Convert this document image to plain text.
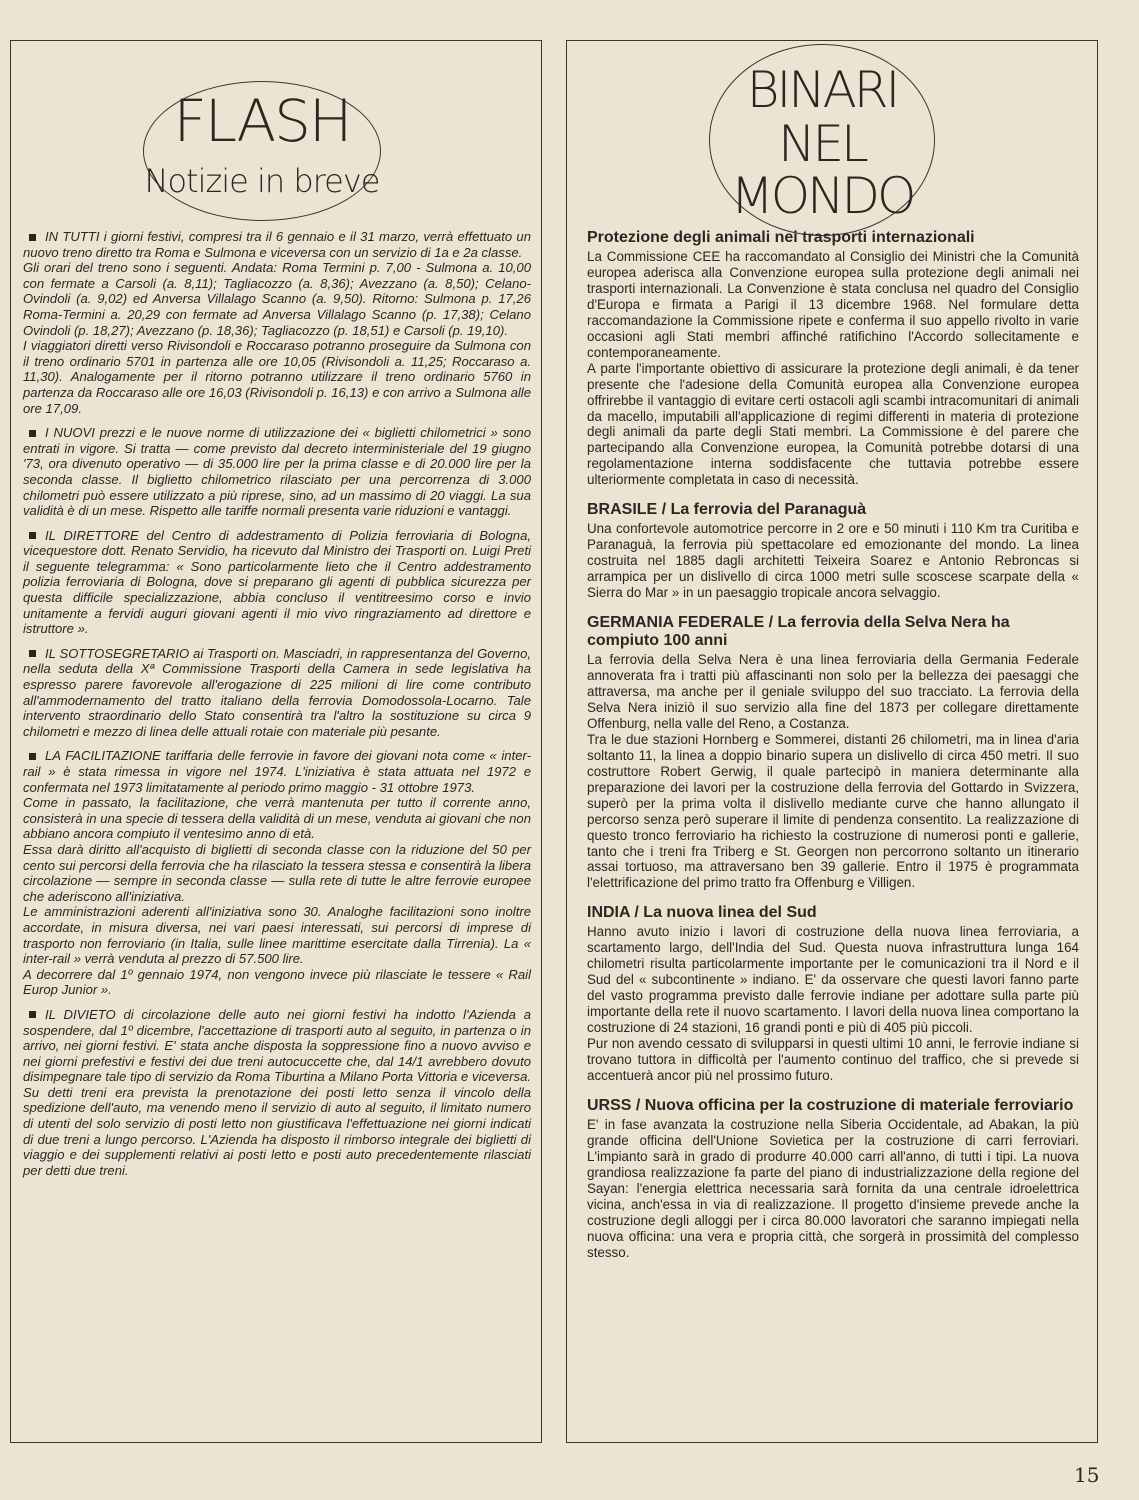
FLASH
Notizie in breve

IN TUTTI i giorni festivi, compresi tra il 6 gennaio e il 31 marzo, verrà effettuato un nuovo treno diretto tra Roma e Sulmona e viceversa con un servizio di 1a e 2a classe.

Gli orari del treno sono i seguenti. Andata: Roma Termini p. 7,00 - Sulmona a. 10,00 con fermate a Carsoli (a. 8,11); Tagliacozzo (a. 8,36); Avezzano (a. 8,50); Celano-Ovindoli (a. 9,02) ed Anversa Villalago Scanno (a. 9,50). Ritorno: Sulmona p. 17,26 Roma-Termini a. 20,29 con fermate ad Anversa Villalago Scanno (p. 17,38); Celano Ovindoli (p. 18,27); Avezzano (p. 18,36); Tagliacozzo (p. 18,51) e Carsoli (p. 19,10).

I viaggiatori diretti verso Rivisondoli e Roccaraso potranno proseguire da Sulmona con il treno ordinario 5701 in partenza alle ore 10,05 (Rivisondoli a. 11,25; Roccaraso a. 11,30). Analogamente per il ritorno potranno utilizzare il treno ordinario 5760 in partenza da Roccaraso alle ore 16,03 (Rivisondoli p. 16,13) e con arrivo a Sulmona alle ore 17,09.

I NUOVI prezzi e le nuove norme di utilizzazione dei « biglietti chilometrici » sono entrati in vigore. Si tratta — come previsto dal decreto interministeriale del 19 giugno '73, ora divenuto operativo — di 35.000 lire per la prima classe e di 20.000 lire per la seconda classe. Il biglietto chilometrico rilasciato per una percorrenza di 3.000 chilometri può essere utilizzato a più riprese, sino, ad un massimo di 20 viaggi. La sua validità è di un mese. Rispetto alle tariffe normali presenta varie riduzioni e vantaggi.

IL DIRETTORE del Centro di addestramento di Polizia ferroviaria di Bologna, vicequestore dott. Renato Servidio, ha ricevuto dal Ministro dei Trasporti on. Luigi Preti il seguente telegramma: « Sono particolarmente lieto che il Centro addestramento polizia ferroviaria di Bologna, dove si preparano gli agenti di pubblica sicurezza per questa difficile specializzazione, abbia concluso il ventitreesimo corso e invio unitamente a fervidi auguri giovani agenti il mio vivo ringraziamento ad direttore e istruttore ».

IL SOTTOSEGRETARIO ai Trasporti on. Masciadri, in rappresentanza del Governo, nella seduta della Xª Commissione Trasporti della Camera in sede legislativa ha espresso parere favorevole all'erogazione di 225 milioni di lire come contributo all'ammodernamento del tratto italiano della ferrovia Domodossola-Locarno. Tale intervento straordinario dello Stato consentirà tra l'altro la sostituzione su circa 9 chilometri e mezzo di linea delle attuali rotaie con materiale più pesante.

LA FACILITAZIONE tariffaria delle ferrovie in favore dei giovani nota come « inter-rail » è stata rimessa in vigore nel 1974. L'iniziativa è stata attuata nel 1972 e confermata nel 1973 limitatamente al periodo primo maggio - 31 ottobre 1973.

Come in passato, la facilitazione, che verrà mantenuta per tutto il corrente anno, consisterà in una specie di tessera della validità di un mese, venduta ai giovani che non abbiano ancora compiuto il ventesimo anno di età.

Essa darà diritto all'acquisto di biglietti di seconda classe con la riduzione del 50 per cento sui percorsi della ferrovia che ha rilasciato la tessera stessa e consentirà la libera circolazione — sempre in seconda classe — sulla rete di tutte le altre ferrovie europee che aderiscono all'iniziativa.

Le amministrazioni aderenti all'iniziativa sono 30. Analoghe facilitazioni sono inoltre accordate, in misura diversa, nei vari paesi interessati, sui percorsi di imprese di trasporto non ferroviario (in Italia, sulle linee marittime esercitate dalla Tirrenia). La « inter-rail » verrà venduta al prezzo di 57.500 lire.

A decorrere dal 1º gennaio 1974, non vengono invece più rilasciate le tessere « Rail Europ Junior ».

IL DIVIETO di circolazione delle auto nei giorni festivi ha indotto l'Azienda a sospendere, dal 1º dicembre, l'accettazione di trasporti auto al seguito, in partenza o in arrivo, nei giorni festivi. E' stata anche disposta la soppressione fino a nuovo avviso e nei giorni prefestivi e festivi dei due treni autocuccette che, dal 14/1 avrebbero dovuto disimpegnare tale tipo di servizio da Roma Tiburtina a Milano Porta Vittoria e viceversa. Su detti treni era prevista la prenotazione dei posti letto senza il vincolo della spedizione dell'auto, ma venendo meno il servizio di auto al seguito, il limitato numero di utenti del solo servizio di posti letto non giustificava l'effettuazione nei giorni indicati di due treni a lungo percorso. L'Azienda ha disposto il rimborso integrale dei biglietti di viaggio e dei supplementi relativi ai posti letto e posti auto precedentemente rilasciati per detti due treni.

BINARI
NEL
MONDO
Protezione degli animali nei trasporti internazionali

La Commissione CEE ha raccomandato al Consiglio dei Ministri che la Comunità europea aderisca alla Convenzione europea sulla protezione degli animali nei trasporti internazionali. La Convenzione è stata conclusa nel quadro del Consiglio d'Europa e firmata a Parigi il 13 dicembre 1968. Nel formulare detta raccomandazione la Commissione ripete e conferma il suo appello rivolto in varie occasioni agli Stati membri affinché ratifichino l'Accordo sollecitamente e contemporaneamente.

A parte l'importante obiettivo di assicurare la protezione degli animali, è da tener presente che l'adesione della Comunità europea alla Convenzione europea offrirebbe il vantaggio di evitare certi ostacoli agli scambi intracomunitari di animali da macello, imputabili all'applicazione di regimi differenti in materia di protezione degli animali da parte degli Stati membri. La Commissione è del parere che partecipando alla Convenzione europea, la Comunità potrebbe dotarsi di una regolamentazione interna soddisfacente che tuttavia potrebbe essere ulteriormente completata in caso di necessità.

BRASILE / La ferrovia del Paranaguà

Una confortevole automotrice percorre in 2 ore e 50 minuti i 110 Km tra Curitiba e Paranaguà, la ferrovia più spettacolare ed emozionante del mondo. La linea costruita nel 1885 dagli architetti Teixeira Soarez e Antonio Rebroncas si arrampica per un dislivello di circa 1000 metri sulle scoscese scarpate della « Sierra do Mar » in un paesaggio tropicale ancora selvaggio.

GERMANIA FEDERALE / La ferrovia della Selva Nera ha compiuto 100 anni

La ferrovia della Selva Nera è una linea ferroviaria della Germania Federale annoverata fra i tratti più affascinanti non solo per la bellezza dei paesaggi che attraversa, ma anche per il geniale sviluppo del suo tracciato. La ferrovia della Selva Nera iniziò il suo servizio alla fine del 1873 per collegare direttamente Offenburg, nella valle del Reno, a Costanza.

Tra le due stazioni Hornberg e Sommerei, distanti 26 chilometri, ma in linea d'aria soltanto 11, la linea a doppio binario supera un dislivello di circa 450 metri. Il suo costruttore Robert Gerwig, il quale partecipò in maniera determinante alla preparazione dei lavori per la costruzione della ferrovia del Gottardo in Svizzera, superò per la prima volta il dislivello mediante curve che hanno allungato il percorso senza però superare il limite di pendenza consentito. La realizzazione di questo tronco ferroviario ha richiesto la costruzione di numerosi ponti e gallerie, tanto che i treni fra Triberg e St. Georgen non percorrono soltanto un itinerario assai tortuoso, ma attraversano ben 39 gallerie. Entro il 1975 è programmata l'elettrificazione del primo tratto fra Offenburg e Villigen.

INDIA / La nuova linea del Sud

Hanno avuto inizio i lavori di costruzione della nuova linea ferroviaria, a scartamento largo, dell'India del Sud. Questa nuova infrastruttura lunga 164 chilometri risulta particolarmente importante per le comunicazioni tra il Nord e il Sud del « subcontinente » indiano. E' da osservare che questi lavori fanno parte del vasto programma previsto dalle ferrovie indiane per adottare sulla parte più importante della rete il nuovo scartamento. I lavori della nuova linea comportano la costruzione di 24 stazioni, 16 grandi ponti e più di 405 più piccoli.

Pur non avendo cessato di svilupparsi in questi ultimi 10 anni, le ferrovie indiane si trovano tuttora in difficoltà per l'aumento continuo del traffico, che si prevede si accentuerà ancor più nel prossimo futuro.

URSS / Nuova officina per la costruzione di materiale ferroviario

E' in fase avanzata la costruzione nella Siberia Occidentale, ad Abakan, la più grande officina dell'Unione Sovietica per la costruzione di carri ferroviari. L'impianto sarà in grado di produrre 40.000 carri all'anno, di tutti i tipi. La nuova grandiosa realizzazione fa parte del piano di industrializzazione della regione del Sayan: l'energia elettrica necessaria sarà fornita da una centrale idroelettrica vicina, anch'essa in via di realizzazione. Il progetto d'insieme prevede anche la costruzione degli alloggi per i circa 80.000 lavoratori che saranno impiegati nella nuova officina: una vera e propria città, che sorgerà in prossimità del complesso stesso.

15
